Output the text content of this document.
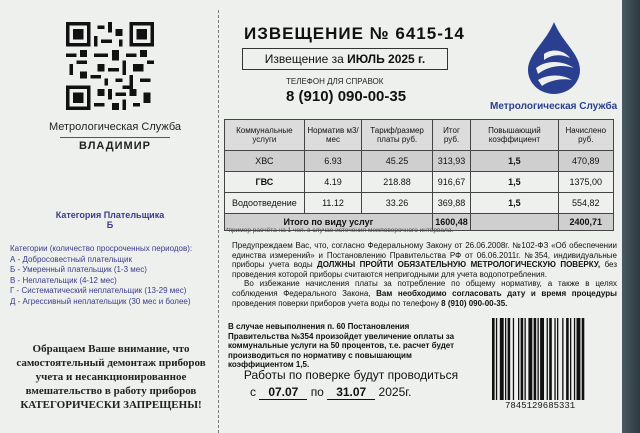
Метрологическая Служба
ВЛАДИМИР
Категория Плательщика
Б
Категории (количество просроченных периодов):
А - Добросовестный плательщик
Б - Умеренный плательщик (1-3 мес)
В - Неплательщик (4-12 мес)
Г - Систематический неплательщик (13-29 мес)
Д - Агрессивный неплательщик (30 мес и более)
Обращаем Ваше внимание, что самостоятельный демонтаж приборов учета и несанкционированное вмешательство в работу приборов КАТЕГОРИЧЕСКИ ЗАПРЕЩЕНЫ!
ИЗВЕЩЕНИЕ № 6415-14
Извещение за ИЮЛЬ 2025 г.
ТЕЛЕФОН ДЛЯ СПРАВОК
8 (910) 090-00-35
Метрологическая Служба
Коммунальные услуги	Норматив м3/мес	Тариф/размер платы руб.	Итог руб.	Повышающий коэффициент	Начислено руб.
ХВС	6.93	45.25	313,93	1,5	470,89
ГВС	4.19	218.88	916,67	1,5	1375,00
Водоотведение	11.12	33.26	369,88	1,5	554,82
Итого по виду услуг			1600,48		2400,71
*пример расчёта на 1 чел. в случае истечения межповерочного интервала.
Предупреждаем Вас, что, согласно Федеральному Закону от 26.06.2008г. №102-ФЗ «Об обеспечении единства измерений» и Постановлению Правительства РФ от 06.06.2011г. №354, индивидуальные приборы учета воды ДОЛЖНЫ ПРОЙТИ ОБЯЗАТЕЛЬНУЮ МЕТРОЛОГИЧЕСКУЮ ПОВЕРКУ, без проведения которой приборы считаются непригодными для учета водопотребления.
Во избежание начисления платы за потребление по общему нормативу, а также в целях соблюдения Федерального Закона, Вам необходимо согласовать дату и время процедуры проведения поверки приборов учета воды по телефону 8 (910) 090-00-35.
В случае невыполнения п. 60 Постановления Правительства №354 произойдет увеличение оплаты за коммунальные услуги на 50 процентов, т.е. расчет будет производиться по нормативу с повышающим коэффициентом 1,5.
Работы по поверке будут проводиться
с 07.07 по 31.07 2025г.
7845129685331
